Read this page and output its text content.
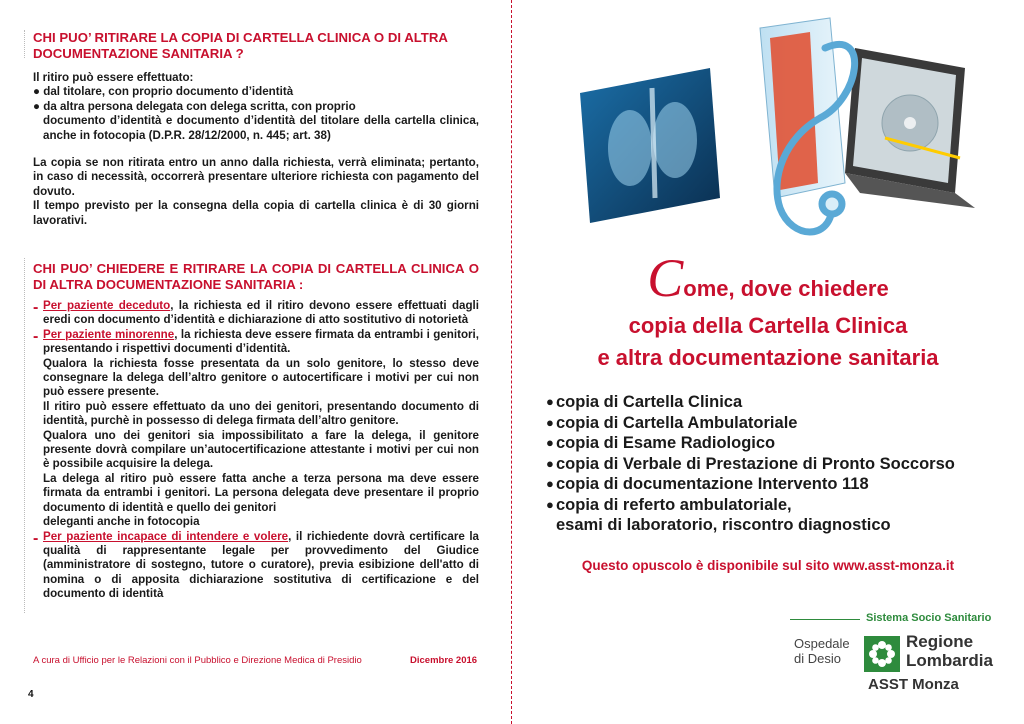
CHI PUO’ RITIRARE LA COPIA DI CARTELLA CLINICA O DI ALTRA DOCUMENTAZIONE SANITARIA ?

Il ritiro può essere effettuato:

● dal titolare, con proprio documento d’identità

● da altra persona delegata con delega scritta, con proprio

documento d’identità e documento d’identità del titolare della cartella clinica, anche in fotocopia (D.P.R. 28/12/2000, n. 445; art. 38)

La copia se non ritirata entro un anno dalla richiesta, verrà eliminata; pertanto, in caso di necessità, occorrerà presentare ulteriore richiesta con pagamento del dovuto.

Il tempo previsto per la consegna della copia di cartella clinica è di 30 giorni lavorativi.

CHI PUO’ CHIEDERE E RITIRARE LA COPIA DI CARTELLA CLINICA O DI ALTRA DOCUMENTAZIONE SANITARIA :

- Per paziente deceduto, la richiesta ed il ritiro devono essere effettuati dagli eredi con documento d’identità e dichiarazione di atto sostitutivo di notorietà

- Per paziente minorenne, la richiesta deve essere firmata da entrambi i genitori, presentando i rispettivi documenti d’identità.

Qualora la richiesta fosse presentata da un solo genitore, lo stesso deve consegnare la delega dell’altro genitore o autocertificare i motivi per cui non può essere presente.

Il ritiro può essere effettuato da uno dei genitori, presentando documento di identità, purchè in possesso di delega firmata dell’altro genitore.

Qualora uno dei genitori sia impossibilitato a fare la delega, il genitore presente dovrà compilare un’autocertificazione attestante i motivi per cui non è possibile acquisire la delega.

La delega al ritiro può essere fatta anche a terza persona ma deve essere firmata da entrambi i genitori. La persona delegata deve presentare il proprio documento di identità e quello dei genitori

deleganti anche in fotocopia

- Per paziente incapace di intendere e volere, il richiedente dovrà certificare la qualità di rappresentante legale per provvedimento del Giudice (amministratore di sostegno, tutore o curatore), previa esibizione dell'atto di nomina o di apposita dichiarazione sostitutiva di certificazione e del documento di identità

A cura di Ufficio per le Relazioni con il Pubblico e Direzione Medica di Presidio	Dicembre 2016
4
Come, dove chiedere
copia della Cartella Clinica
e altra documentazione sanitaria
● copia di Cartella Clinica
● copia di Cartella Ambulatoriale
● copia di Esame Radiologico
● copia di Verbale di Prestazione di Pronto Soccorso
● copia di documentazione Intervento 118
● copia di referto ambulatoriale,
esami di laboratorio, riscontro diagnostico
Questo opuscolo è disponibile sul sito www.asst-monza.it
Sistema Socio Sanitario
Ospedale
di Desio
Regione
Lombardia
ASST Monza
